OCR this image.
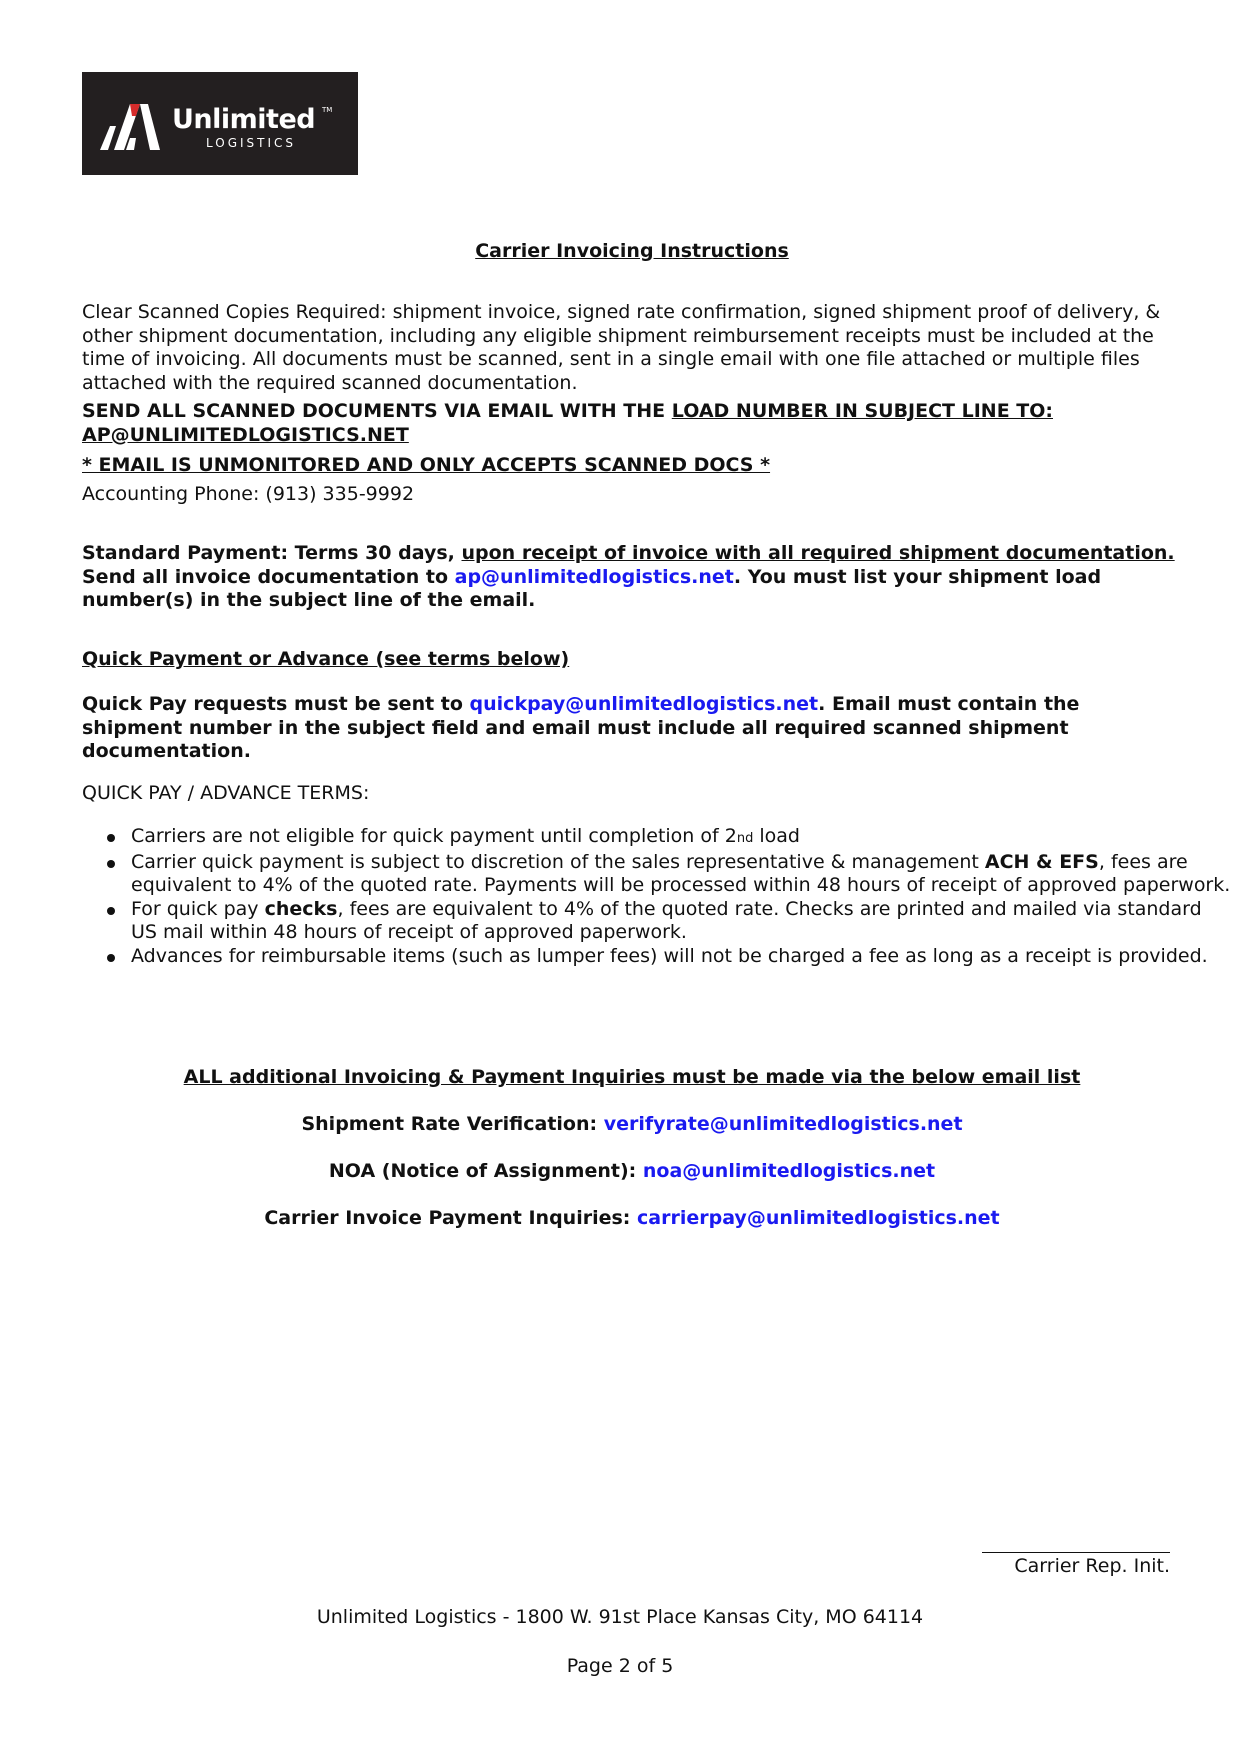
Unlimited TM
LOGISTICS

Carrier Invoicing Instructions

Clear Scanned Copies Required: shipment invoice, signed rate confirmation, signed shipment proof of delivery, & other shipment documentation, including any eligible shipment reimbursement receipts must be included at the time of invoicing. All documents must be scanned, sent in a single email with one file attached or multiple files attached with the required scanned documentation.

SEND ALL SCANNED DOCUMENTS VIA EMAIL WITH THE LOAD NUMBER IN SUBJECT LINE TO:
AP@UNLIMITEDLOGISTICS.NET

* EMAIL IS UNMONITORED AND ONLY ACCEPTS SCANNED DOCS *

Accounting Phone: (913) 335-9992

Standard Payment: Terms 30 days, upon receipt of invoice with all required shipment documentation.
Send all invoice documentation to ap@unlimitedlogistics.net. You must list your shipment load number(s) in the subject line of the email.

Quick Payment or Advance (see terms below)

Quick Pay requests must be sent to quickpay@unlimitedlogistics.net. Email must contain the shipment number in the subject field and email must include all required scanned shipment documentation.

QUICK PAY / ADVANCE TERMS:

Carriers are not eligible for quick payment until completion of 2nd load
Carrier quick payment is subject to discretion of the sales representative & management ACH & EFS, fees are equivalent to 4% of the quoted rate. Payments will be processed within 48 hours of receipt of approved paperwork.
For quick pay checks, fees are equivalent to 4% of the quoted rate. Checks are printed and mailed via standard US mail within 48 hours of receipt of approved paperwork.
Advances for reimbursable items (such as lumper fees) will not be charged a fee as long as a receipt is provided.

ALL additional Invoicing & Payment Inquiries must be made via the below email list

Shipment Rate Verification: verifyrate@unlimitedlogistics.net

NOA (Notice of Assignment): noa@unlimitedlogistics.net

Carrier Invoice Payment Inquiries: carrierpay@unlimitedlogistics.net

Carrier Rep. Init.
Unlimited Logistics - 1800 W. 91st Place Kansas City, MO 64114
Page 2 of 5
